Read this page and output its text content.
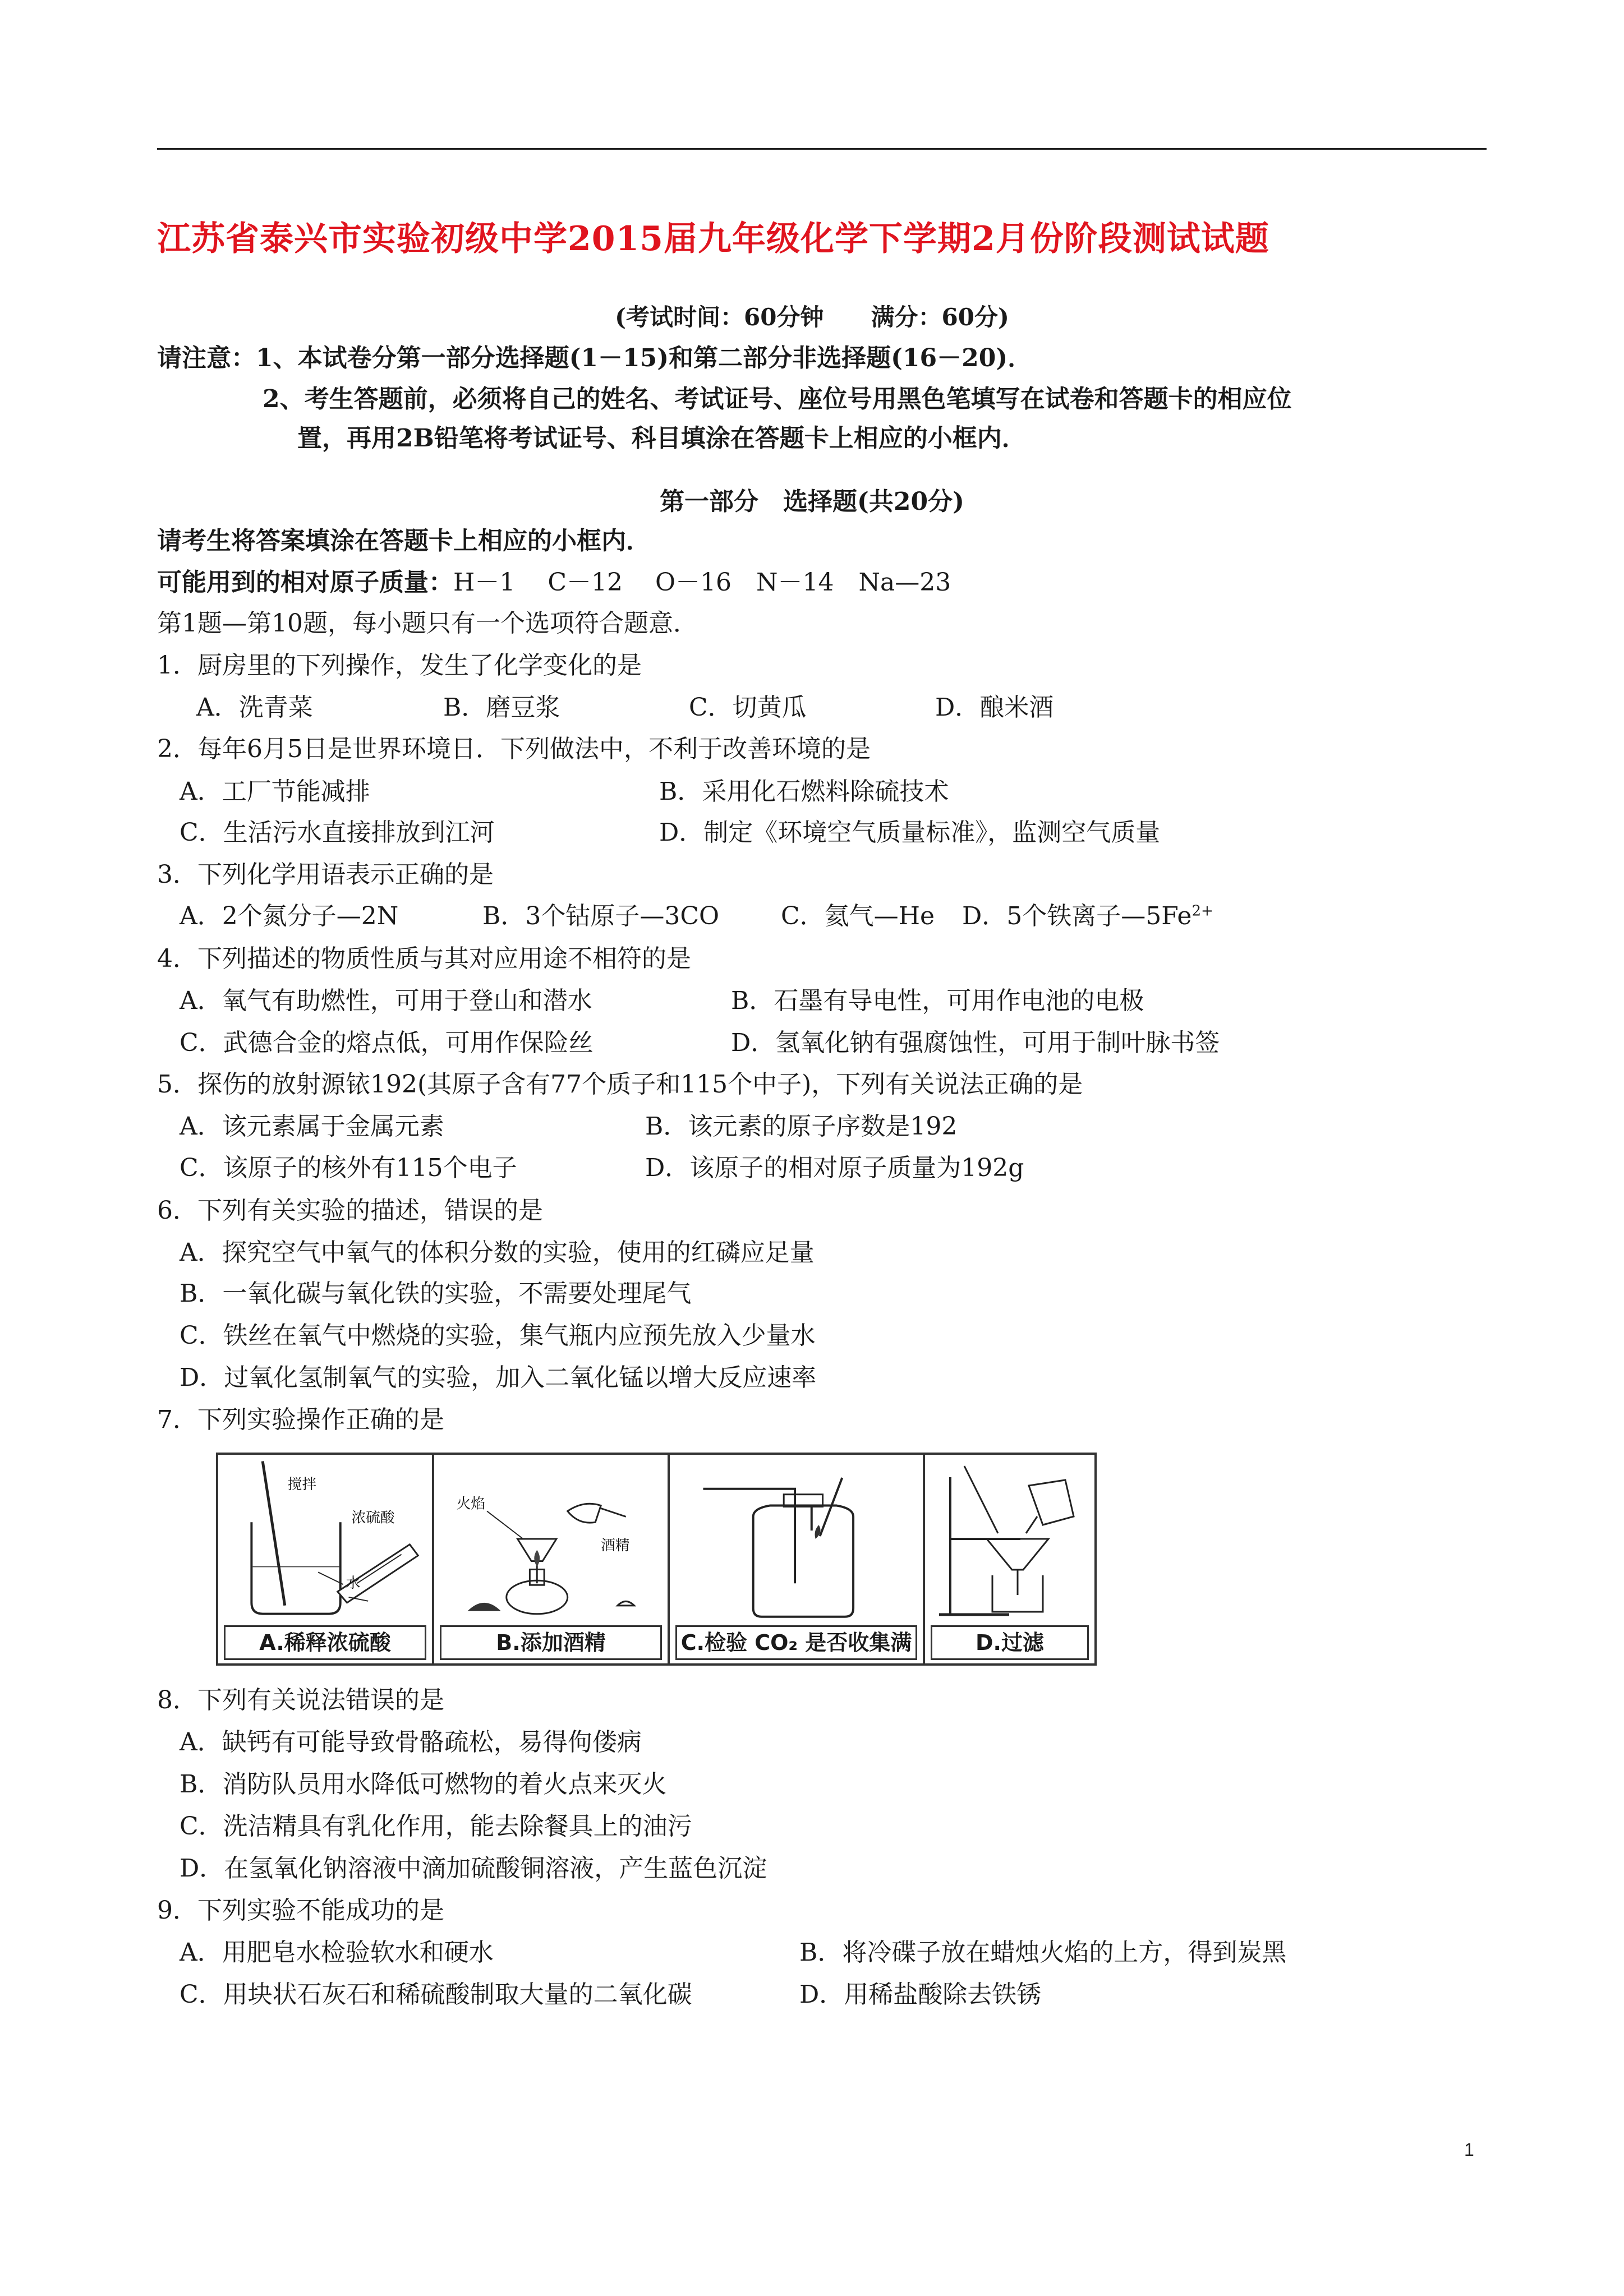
江苏省泰兴市实验初级中学2015届九年级化学下学期2月份阶段测试试题
(考试时间：60分钟　　满分：60分)
请注意：1、本试卷分第一部分选择题(1－15)和第二部分非选择题(16－20)．
2、考生答题前，必须将自己的姓名、考试证号、座位号用黑色笔填写在试卷和答题卡的相应位
置，再用2B铅笔将考试证号、科目填涂在答题卡上相应的小框内．
第一部分　选择题(共20分)
请考生将答案填涂在答题卡上相应的小框内．
可能用到的相对原子质量：H－1　 C－12　 O－16　N－14　Na—23
第1题—第10题，每小题只有一个选项符合题意．
1．厨房里的下列操作，发生了化学变化的是
A．洗青菜	B．磨豆浆	C．切黄瓜	D．酿米酒
2．每年6月5日是世界环境日．下列做法中，不利于改善环境的是
A．工厂节能减排	B．采用化石燃料除硫技术
C．生活污水直接排放到江河	D．制定《环境空气质量标准》，监测空气质量
3．下列化学用语表示正确的是
A．2个氮分子—2N	B．3个钴原子—3CO C．氦气—He D．5个铁离子$—5Fe^{2+}$
4．下列描述的物质性质与其对应用途不相符的是
A．氧气有助燃性，可用于登山和潜水	B．石墨有导电性，可用作电池的电极
C．武德合金的熔点低，可用作保险丝	D．氢氧化钠有强腐蚀性，可用于制叶脉书签
5．探伤的放射源铱192(其原子含有77个质子和115个中子)，下列有关说法正确的是
A．该元素属于金属元素	B．该元素的原子序数是192
C．该原子的核外有115个电子	D．该原子的相对原子质量为192g
6．下列有关实验的描述，错误的是
A．探究空气中氧气的体积分数的实验，使用的红磷应足量
B．一氧化碳与氧化铁的实验，不需要处理尾气
C．铁丝在氧气中燃烧的实验，集气瓶内应预先放入少量水
D．过氧化氢制氧气的实验，加入二氧化锰以增大反应速率
7．下列实验操作正确的是
搅拌
浓硫酸
水
A.稀释浓硫酸
火焰
酒精
B.添加酒精	C.检验 CO₂ 是否收集满	D.过滤
8．下列有关说法错误的是
A．缺钙有可能导致骨骼疏松，易得佝偻病
B．消防队员用水降低可燃物的着火点来灭火
C．洗洁精具有乳化作用，能去除餐具上的油污
D．在氢氧化钠溶液中滴加硫酸铜溶液，产生蓝色沉淀
9．下列实验不能成功的是
A．用肥皂水检验软水和硬水	B．将冷碟子放在蜡烛火焰的上方，得到炭黑
C．用块状石灰石和稀硫酸制取大量的二氧化碳	D．用稀盐酸除去铁锈
1
